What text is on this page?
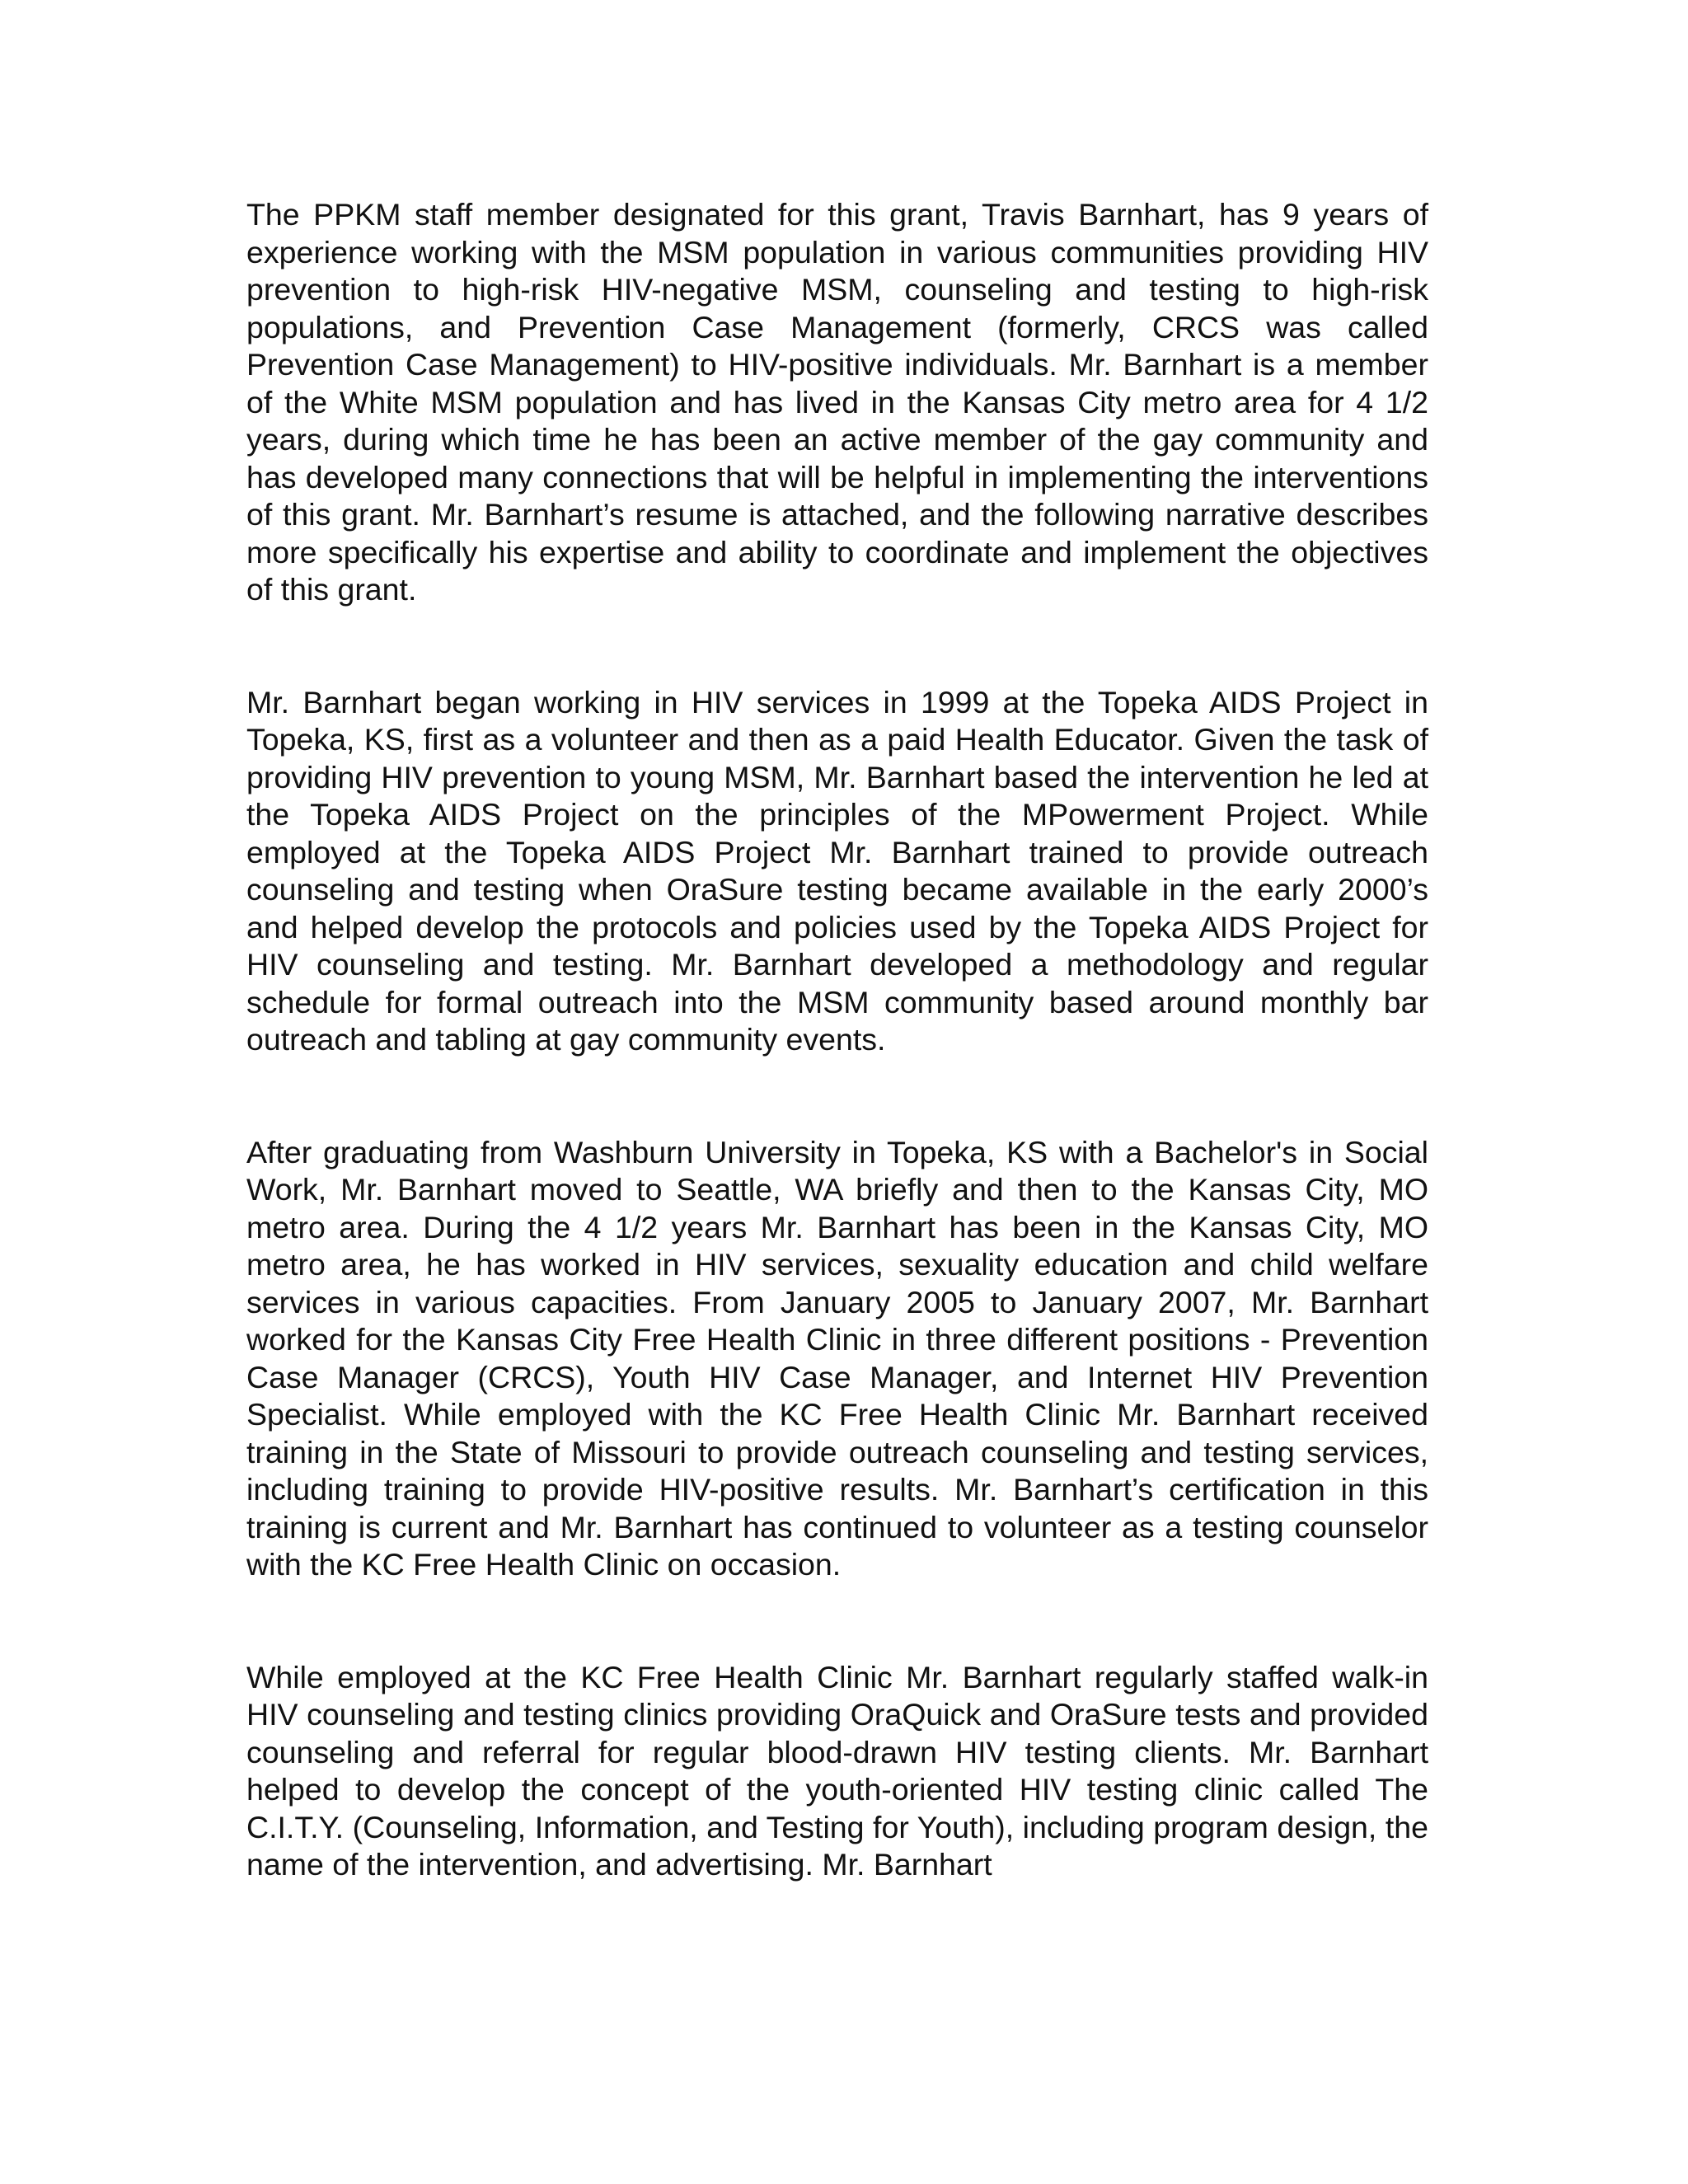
The PPKM staff member designated for this grant, Travis Barnhart, has 9 years of experience working with the MSM population in various communities providing HIV prevention to high-risk HIV-negative MSM, counseling and testing to high-risk populations, and Prevention Case Management (formerly, CRCS was called Prevention Case Management) to HIV-positive individuals. Mr. Barnhart is a member of the White MSM population and has lived in the Kansas City metro area for 4 1/2 years, during which time he has been an active member of the gay community and has developed many connections that will be helpful in implementing the interventions of this grant. Mr. Barnhart’s resume is attached, and the following narrative describes more specifically his expertise and ability to coordinate and implement the objectives of this grant.

Mr. Barnhart began working in HIV services in 1999 at the Topeka AIDS Project in Topeka, KS, first as a volunteer and then as a paid Health Educator. Given the task of providing HIV prevention to young MSM, Mr. Barnhart based the intervention he led at the Topeka AIDS Project on the principles of the MPowerment Project. While employed at the Topeka AIDS Project Mr. Barnhart trained to provide outreach counseling and testing when OraSure testing became available in the early 2000’s and helped develop the protocols and policies used by the Topeka AIDS Project for HIV counseling and testing. Mr. Barnhart developed a methodology and regular schedule for formal outreach into the MSM community based around monthly bar outreach and tabling at gay community events.

After graduating from Washburn University in Topeka, KS with a Bachelor's in Social Work, Mr. Barnhart moved to Seattle, WA briefly and then to the Kansas City, MO metro area. During the 4 1/2 years Mr. Barnhart has been in the Kansas City, MO metro area, he has worked in HIV services, sexuality education and child welfare services in various capacities. From January 2005 to January 2007, Mr. Barnhart worked for the Kansas City Free Health Clinic in three different positions - Prevention Case Manager (CRCS), Youth HIV Case Manager, and Internet HIV Prevention Specialist. While employed with the KC Free Health Clinic Mr. Barnhart received training in the State of Missouri to provide outreach counseling and testing services, including training to provide HIV-positive results. Mr. Barnhart’s certification in this training is current and Mr. Barnhart has continued to volunteer as a testing counselor with the KC Free Health Clinic on occasion.

While employed at the KC Free Health Clinic Mr. Barnhart regularly staffed walk-in HIV counseling and testing clinics providing OraQuick and OraSure tests and provided counseling and referral for regular blood-drawn HIV testing clients. Mr. Barnhart helped to develop the concept of the youth-oriented HIV testing clinic called The C.I.T.Y. (Counseling, Information, and Testing for Youth), including program design, the name of the intervention, and advertising. Mr. Barnhart
